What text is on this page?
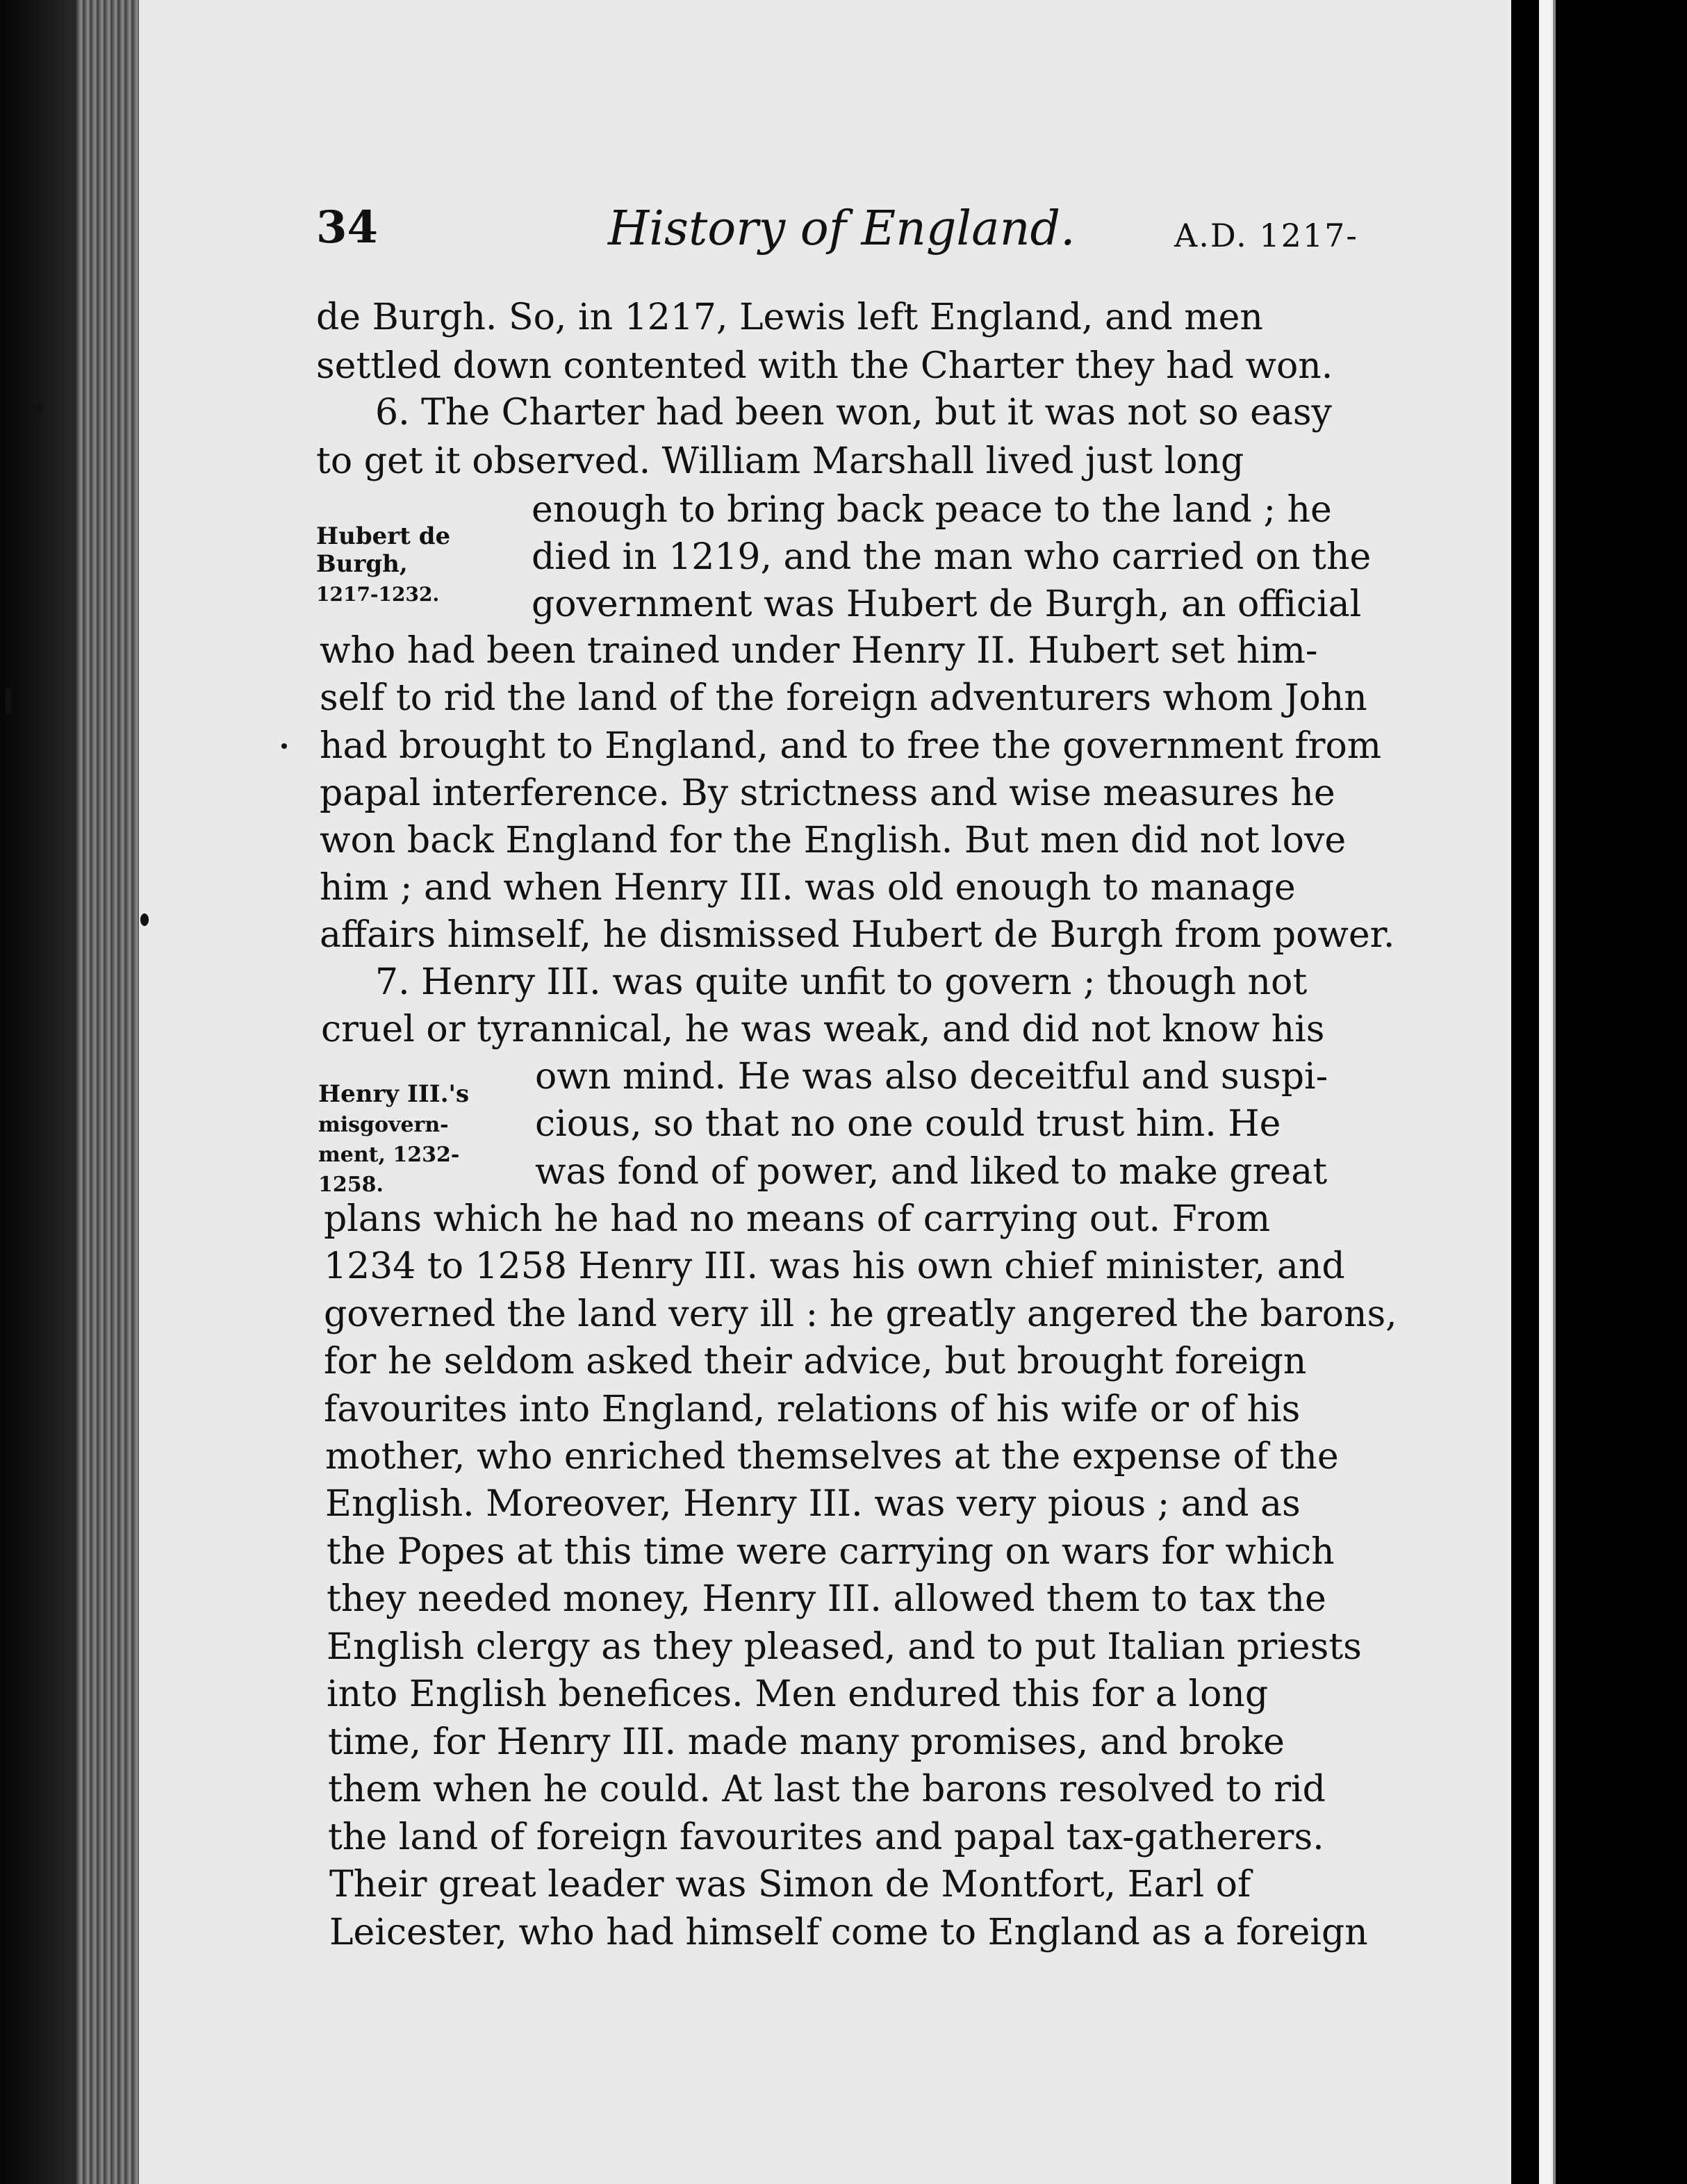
34	History of England.	A.D. 1217-
de Burgh. So, in 1217, Lewis left England, and men
settled down contented with the Charter they had won.
6. The Charter had been won, but it was not so easy
to get it observed. William Marshall lived just long
enough to bring back peace to the land ; he
died in 1219, and the man who carried on the
government was Hubert de Burgh, an official
who had been trained under Henry II. Hubert set him-
self to rid the land of the foreign adventurers whom John
had brought to England, and to free the government from
papal interference. By strictness and wise measures he
won back England for the English. But men did not love
him ; and when Henry III. was old enough to manage
affairs himself, he dismissed Hubert de Burgh from power.
7. Henry III. was quite unfit to govern ; though not
cruel or tyrannical, he was weak, and did not know his
own mind. He was also deceitful and suspi-
cious, so that no one could trust him. He
was fond of power, and liked to make great
plans which he had no means of carrying out. From
1234 to 1258 Henry III. was his own chief minister, and
governed the land very ill : he greatly angered the barons,
for he seldom asked their advice, but brought foreign
favourites into England, relations of his wife or of his
mother, who enriched themselves at the expense of the
English. Moreover, Henry III. was very pious ; and as
the Popes at this time were carrying on wars for which
they needed money, Henry III. allowed them to tax the
English clergy as they pleased, and to put Italian priests
into English benefices. Men endured this for a long
time, for Henry III. made many promises, and broke
them when he could. At last the barons resolved to rid
the land of foreign favourites and papal tax-gatherers.
Their great leader was Simon de Montfort, Earl of
Leicester, who had himself come to England as a foreign
Hubert de
Burgh,
1217-1232.
Henry III.'s
misgovern-
ment, 1232-
1258.
